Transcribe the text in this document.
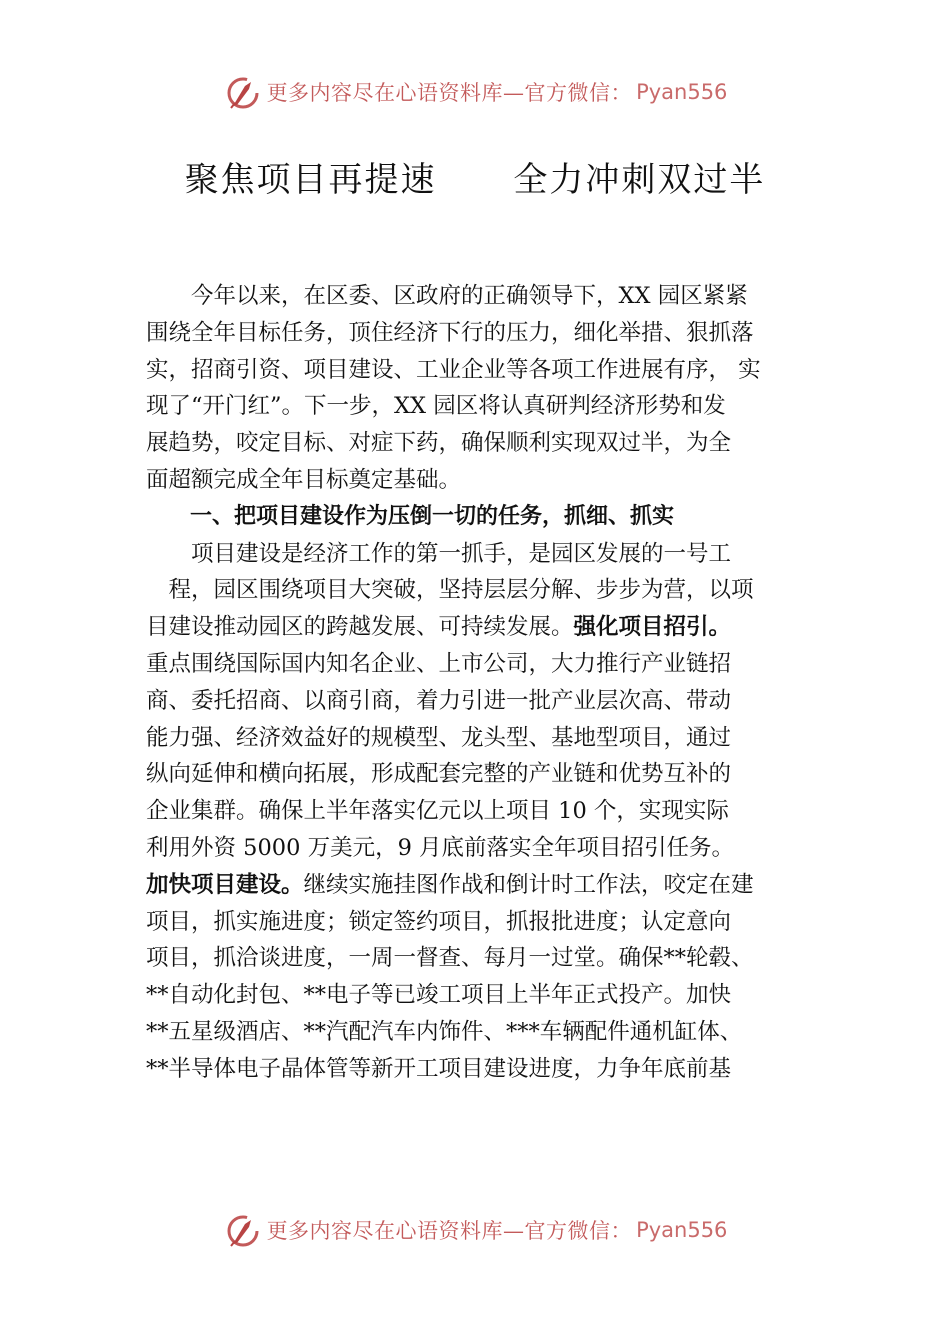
更多内容尽在心语资料库—官方微信： Pyan556
聚焦项目再提速      全力冲刺双过半
　　今年以来，在区委、区政府的正确领导下，XX 园区紧紧
围绕全年目标任务，顶住经济下行的压力，细化举措、狠抓落
实，招商引资、项目建设、工业企业等各项工作进展有序， 实
现了“开门红”。下一步，XX 园区将认真研判经济形势和发
展趋势，咬定目标、对症下药，确保顺利实现双过半，为全
面超额完成全年目标奠定基础。
　　一、把项目建设作为压倒一切的任务，抓细、抓实
　　项目建设是经济工作的第一抓手，是园区发展的一号工
　程，园区围绕项目大突破，坚持层层分解、步步为营，以项
目建设推动园区的跨越发展、可持续发展。强化项目招引。
重点围绕国际国内知名企业、上市公司，大力推行产业链招
商、委托招商、以商引商，着力引进一批产业层次高、带动
能力强、经济效益好的规模型、龙头型、基地型项目，通过
纵向延伸和横向拓展，形成配套完整的产业链和优势互补的
企业集群。确保上半年落实亿元以上项目 10 个，实现实际
利用外资 5000 万美元，9 月底前落实全年项目招引任务。
加快项目建设。继续实施挂图作战和倒计时工作法，咬定在建
项目，抓实施进度；锁定签约项目，抓报批进度；认定意向
项目，抓洽谈进度，一周一督查、每月一过堂。确保**轮毂、
**自动化封包、**电子等已竣工项目上半年正式投产。加快
**五星级酒店、**汽配汽车内饰件、***车辆配件通机缸体、
**半导体电子晶体管等新开工项目建设进度，力争年底前基
更多内容尽在心语资料库—官方微信： Pyan556
